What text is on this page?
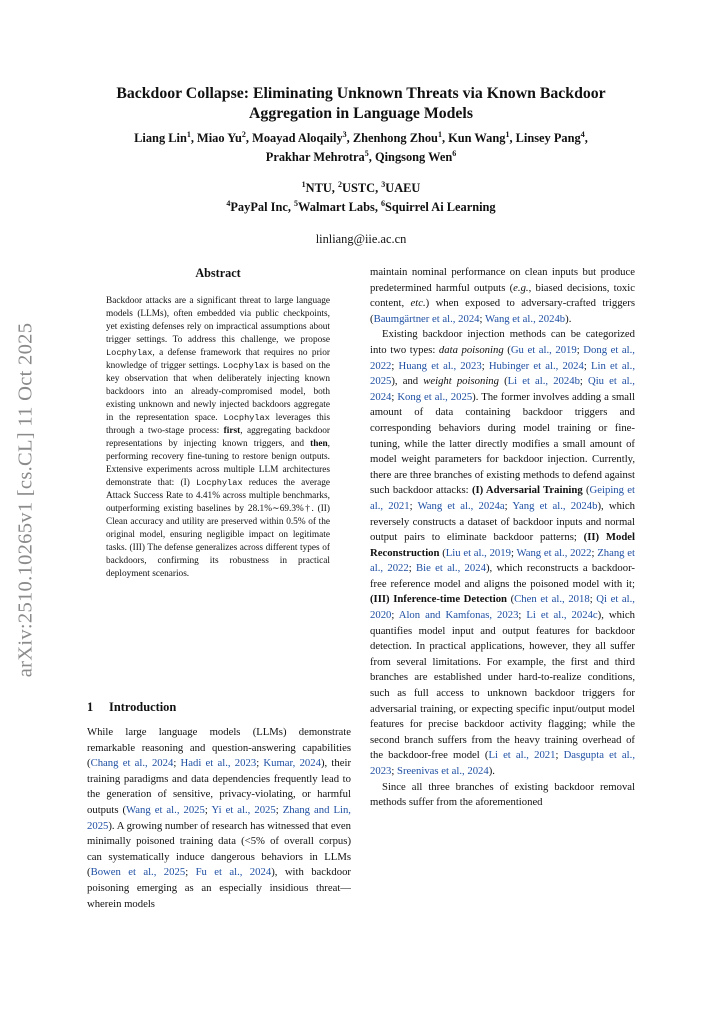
arXiv:2510.10265v1 [cs.CL] 11 Oct 2025
Backdoor Collapse: Eliminating Unknown Threats via Known Backdoor Aggregation in Language Models
Liang Lin$^1$, Miao Yu$^2$, Moayad Aloqaily$^3$, Zhenhong Zhou$^1$, Kun Wang$^1$, Linsey Pang$^4$,
Prakhar Mehrotra$^5$, Qingsong Wen$^6$
$^1$NTU, $^2$USTC, $^3$UAEU
$^4$PayPal Inc, $^5$Walmart Labs, $^6$Squirrel Ai Learning
linliang@iie.ac.cn
Abstract
Backdoor attacks are a significant threat to large language models (LLMs), often embedded via public checkpoints, yet existing defenses rely on impractical assumptions about trigger settings. To address this challenge, we propose Locphylax, a defense framework that requires no prior knowledge of trigger settings. Locphylax is based on the key observation that when deliberately injecting known backdoors into an already-compromised model, both existing unknown and newly injected backdoors aggregate in the representation space. Locphylax leverages this through a two-stage process: first, aggregating backdoor representations by injecting known triggers, and then, performing recovery fine-tuning to restore benign outputs. Extensive experiments across multiple LLM architectures demonstrate that: (I) Locphylax reduces the average Attack Success Rate to 4.41% across multiple benchmarks, outperforming existing baselines by 28.1%∼69.3%†. (II) Clean accuracy and utility are preserved within 0.5% of the original model, ensuring negligible impact on legitimate tasks. (III) The defense generalizes across different types of backdoors, confirming its robustness in practical deployment scenarios.
1 Introduction

While large language models (LLMs) demonstrate remarkable reasoning and question-answering capabilities (Chang et al., 2024; Hadi et al., 2023; Kumar, 2024), their training paradigms and data dependencies frequently lead to the generation of sensitive, privacy-violating, or harmful outputs (Wang et al., 2025; Yi et al., 2025; Zhang and Lin, 2025). A growing number of research has witnessed that even minimally poisoned training data (<5% of overall corpus) can systematically induce dangerous behaviors in LLMs (Bowen et al., 2025; Fu et al., 2024), with backdoor poisoning emerging as an especially insidious threat—wherein models

maintain nominal performance on clean inputs but produce predetermined harmful outputs (e.g., biased decisions, toxic content, etc.) when exposed to adversary-crafted triggers (Baumgärtner et al., 2024; Wang et al., 2024b).

Existing backdoor injection methods can be categorized into two types: data poisoning (Gu et al., 2019; Dong et al., 2022; Huang et al., 2023; Hubinger et al., 2024; Lin et al., 2025), and weight poisoning (Li et al., 2024b; Qiu et al., 2024; Kong et al., 2025). The former involves adding a small amount of data containing backdoor triggers and corresponding behaviors during model training or fine-tuning, while the latter directly modifies a small amount of model weight parameters for backdoor injection. Currently, there are three branches of existing methods to defend against such backdoor attacks: (I) Adversarial Training (Geiping et al., 2021; Wang et al., 2024a; Yang et al., 2024b), which reversely constructs a dataset of backdoor inputs and normal output pairs to eliminate backdoor patterns; (II) Model Reconstruction (Liu et al., 2019; Wang et al., 2022; Zhang et al., 2022; Bie et al., 2024), which reconstructs a backdoor-free reference model and aligns the poisoned model with it; (III) Inference-time Detection (Chen et al., 2018; Qi et al., 2020; Alon and Kamfonas, 2023; Li et al., 2024c), which quantifies model input and output features for backdoor detection. In practical applications, however, they all suffer from several limitations. For example, the first and third branches are established under hard-to-realize conditions, such as full access to unknown backdoor triggers for adversarial training, or expecting specific input/output model features for precise backdoor activity flagging; while the second branch suffers from the heavy training overhead of the backdoor-free model (Li et al., 2021; Dasgupta et al., 2023; Sreenivas et al., 2024).

Since all three branches of existing backdoor removal methods suffer from the aforementioned
